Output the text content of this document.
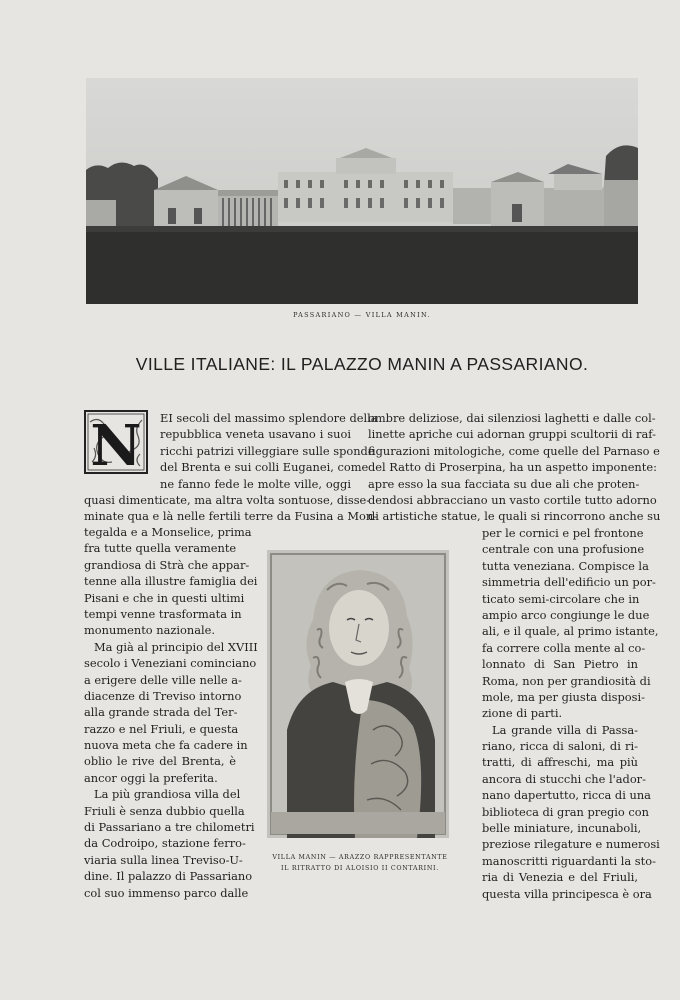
PASSARIANO — VILLA MANIN.
VILLE ITALIANE: IL PALAZZO MANIN A PASSARIANO.
N EI secoli del massimo splendore della
repubblica veneta usavano i suoi
ricchi patrizi villeggiare sulle sponde
del Brenta e sui colli Euganei, come
ne fanno fede le molte ville, oggi
quasi dimenticate, ma altra volta sontuose, disse-
minate qua e là nelle fertili terre da Fusina a Mon-
tegalda e a Monselice, prima
fra tutte quella veramente
grandiosa di Strà che appar-
tenne alla illustre famiglia dei
Pisani e che in questi ultimi
tempi venne trasformata in
monumento nazionale.
Ma già al principio del XVIII
secolo i Veneziani cominciano
a erigere delle ville nelle a-
diacenze di Treviso intorno
alla grande strada del Ter-
razzo e nel Friuli, e questa
nuova meta che fa cadere in
oblio le rive del Brenta, è
ancor oggi la preferita.
La più grandiosa villa del
Friuli è senza dubbio quella
di Passariano a tre chilometri
da Codroipo, stazione ferro-
viaria sulla linea Treviso-U-
dine. Il palazzo di Passariano
col suo immenso parco dalle
ombre deliziose, dai silenziosi laghetti e dalle col-
linette apriche cui adornan gruppi scultorii di raf-
figurazioni mitologiche, come quelle del Parnaso e
del Ratto di Proserpina, ha un aspetto imponente:
apre esso la sua facciata su due ali che proten-
dendosi abbracciano un vasto cortile tutto adorno
di artistiche statue, le quali si rincorrono anche su
per le cornici e pel frontone
centrale con una profusione
tutta veneziana. Compisce la
simmetria dell'edificio un por-
ticato semi-circolare che in
ampio arco congiunge le due
ali, e il quale, al primo istante,
fa correre colla mente al co-
lonnato di San Pietro in
Roma, non per grandiosità di
mole, ma per giusta disposi-
zione di parti.
La grande villa di Passa-
riano, ricca di saloni, di ri-
tratti, di affreschi, ma più
ancora di stucchi che l'ador-
nano dapertutto, ricca di una
biblioteca di gran pregio con
belle miniature, incunaboli,
preziose rilegature e numerosi
manoscritti riguardanti la sto-
ria di Venezia e del Friuli,
questa villa principesca è ora
VILLA MANIN — ARAZZO RAPPRESENTANTE
IL RITRATTO DI ALOISIO II CONTARINI.
